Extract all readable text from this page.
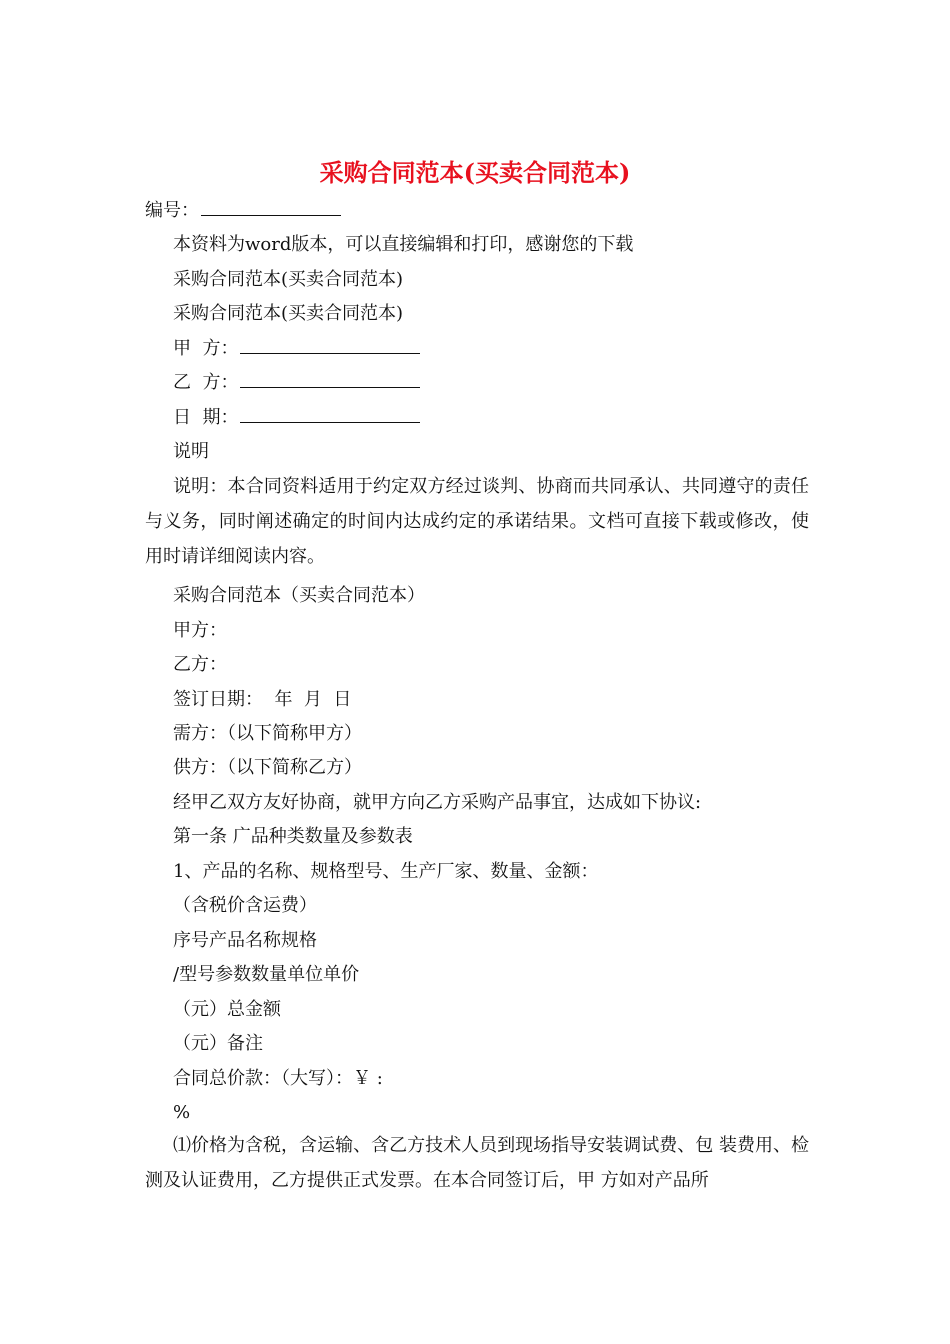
采购合同范本(买卖合同范本)
编号：
本资料为word版本，可以直接编辑和打印，感谢您的下载
采购合同范本(买卖合同范本)
采购合同范本(买卖合同范本)
甲  方：
乙  方：
日  期：
说明
说明：本合同资料适用于约定双方经过谈判、协商而共同承认、共同遵守的责任与义务，同时阐述确定的时间内达成约定的承诺结果。文档可直接下载或修改，使用时请详细阅读内容。
采购合同范本（买卖合同范本）
甲方：
乙方：
签订日期：  年  月  日
需方：（以下简称甲方）
供方：（以下简称乙方）
经甲乙双方友好协商，就甲方向乙方采购产品事宜，达成如下协议:
第一条 广品种类数量及参数表
1、产品的名称、规格型号、生产厂家、数量、金额：
（含税价含运费）
序号产品名称规格
/型号参数数量单位单价
（元）总金额
（元）备注
合同总价款：（大写）：￥ :
%
⑴价格为含税，含运输、含乙方技术人员到现场指导安装调试费、包 装费用、检测及认证费用，乙方提供正式发票。在本合同签订后，甲 方如对产品所
